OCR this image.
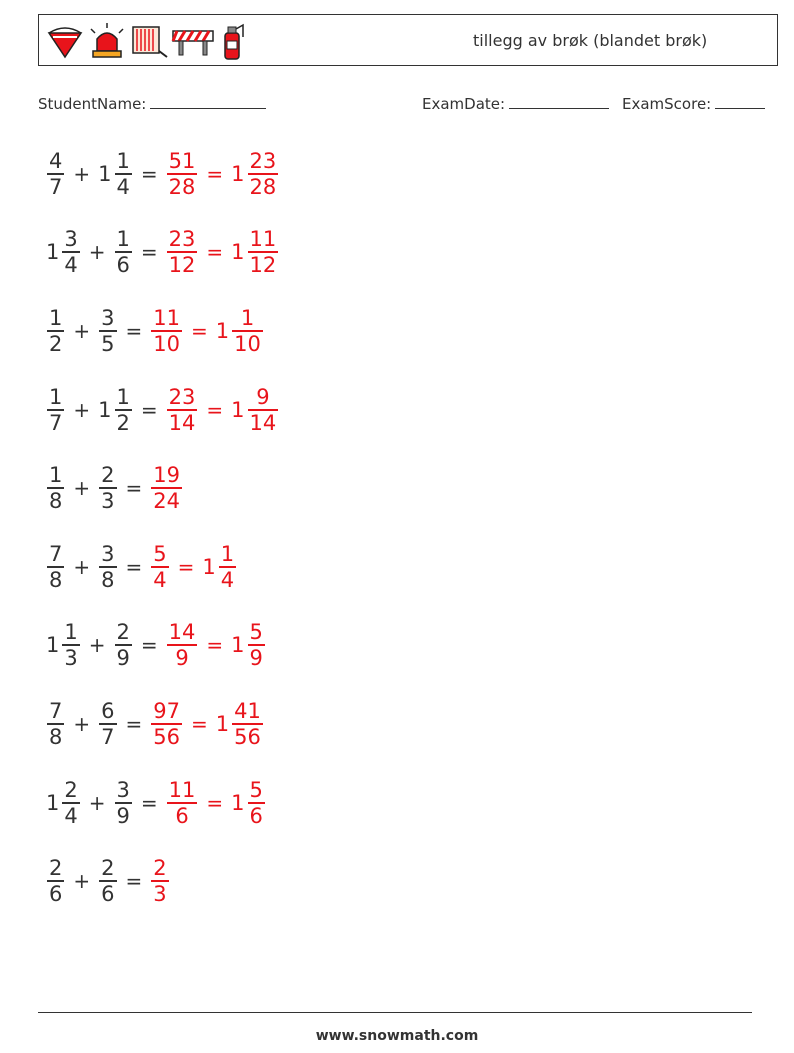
tillegg av brøk (blandet brøk)
StudentName:	ExamDate:	ExamScore:
$\frac{4}{7} + 1 \frac{1}{4} = \frac{51}{28} = 1 \frac{23}{28}$
$1 \frac{3}{4} + \frac{1}{6} = \frac{23}{12} = 1 \frac{11}{12}$
$\frac{1}{2} + \frac{3}{5} = \frac{11}{10} = 1 \frac{1}{10}$
$\frac{1}{7} + 1 \frac{1}{2} = \frac{23}{14} = 1 \frac{9}{14}$
$\frac{1}{8} + \frac{2}{3} = \frac{19}{24}$
$\frac{7}{8} + \frac{3}{8} = \frac{5}{4} = 1 \frac{1}{4}$
$1 \frac{1}{3} + \frac{2}{9} = \frac{14}{9} = 1 \frac{5}{9}$
$\frac{7}{8} + \frac{6}{7} = \frac{97}{56} = 1 \frac{41}{56}$
$1 \frac{2}{4} + \frac{3}{9} = \frac{11}{6} = 1 \frac{5}{6}$
$\frac{2}{6} + \frac{2}{6} = \frac{2}{3}$
www.snowmath.com
